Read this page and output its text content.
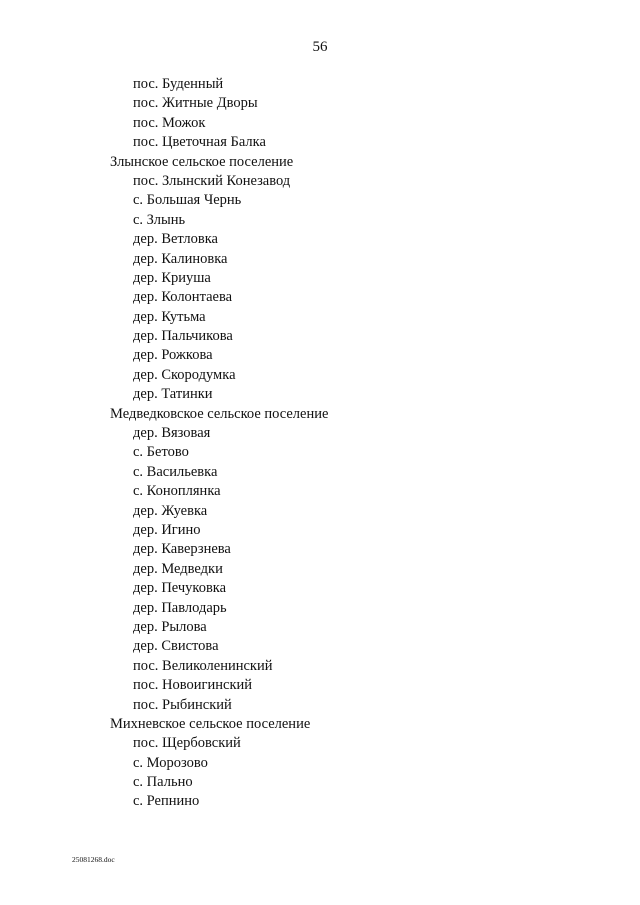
56
пос. Буденный
пос. Житные Дворы
пос. Можок
пос. Цветочная Балка
Злынское сельское поселение
пос. Злынский Конезавод
с. Большая Чернь
с. Злынь
дер. Ветловка
дер. Калиновка
дер. Криуша
дер. Колонтаева
дер. Кутьма
дер. Пальчикова
дер. Рожкова
дер. Скородумка
дер. Татинки
Медведковское сельское поселение
дер. Вязовая
с. Бетово
с. Васильевка
с. Коноплянка
дер. Жуевка
дер. Игино
дер. Каверзнева
дер. Медведки
дер. Печуковка
дер. Павлодарь
дер. Рылова
дер. Свистова
пос. Великоленинский
пос. Новоигинский
пос. Рыбинский
Михневское сельское поселение
пос. Щербовский
с. Морозово
с. Пально
с. Репнино
25081268.doc
